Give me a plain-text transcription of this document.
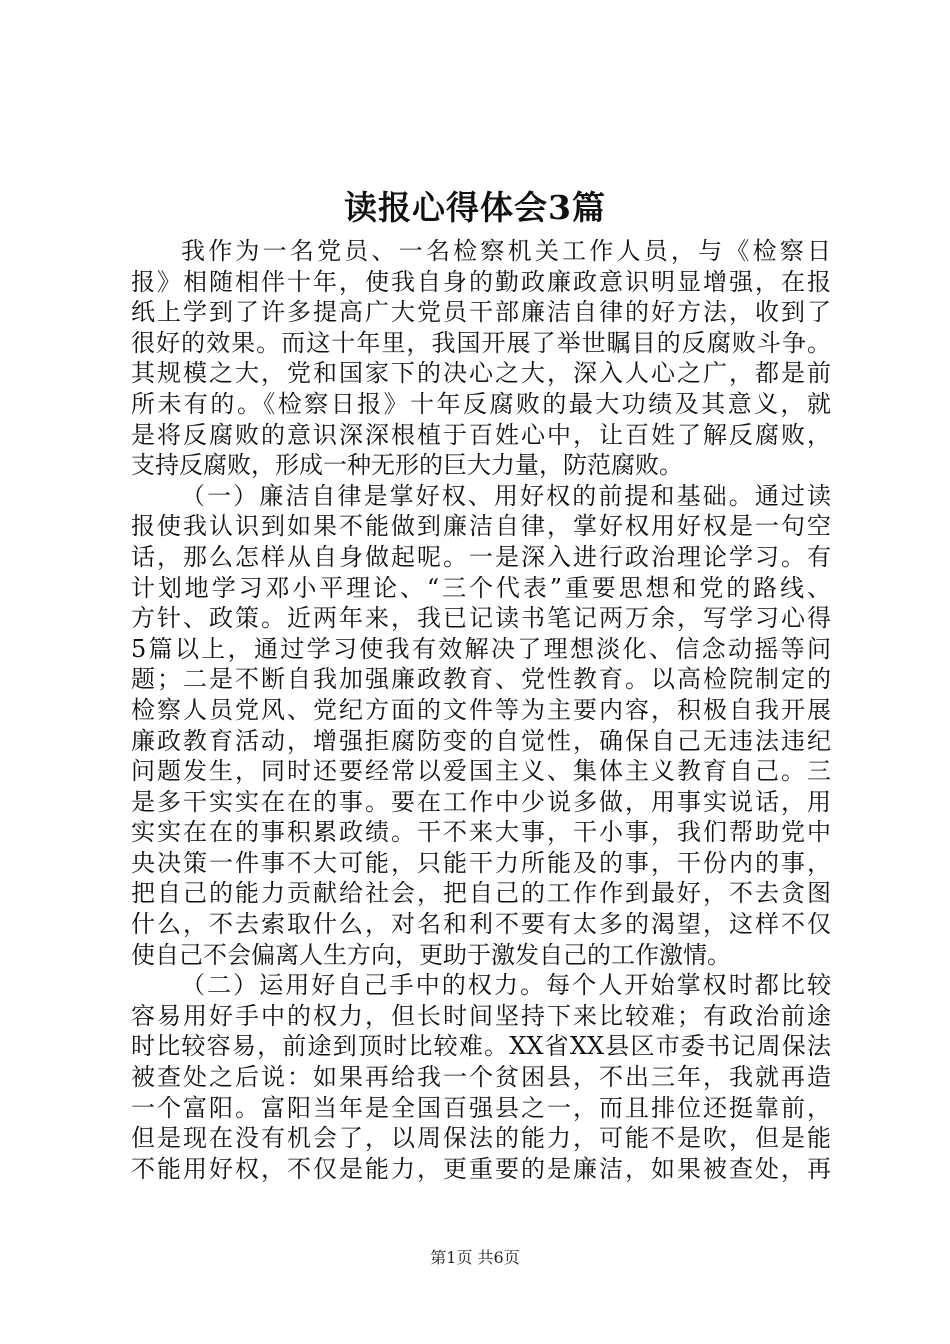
读报心得体会3篇
我作为一名党员、一名检察机关工作人员，与《检察日
报》相随相伴十年，使我自身的勤政廉政意识明显增强，在报
纸上学到了许多提高广大党员干部廉洁自律的好方法，收到了
很好的效果。而这十年里，我国开展了举世瞩目的反腐败斗争。
其规模之大，党和国家下的决心之大，深入人心之广，都是前
所未有的。《检察日报》十年反腐败的最大功绩及其意义，就
是将反腐败的意识深深根植于百姓心中，让百姓了解反腐败，
支持反腐败，形成一种无形的巨大力量，防范腐败。
（一）廉洁自律是掌好权、用好权的前提和基础。通过读
报使我认识到如果不能做到廉洁自律，掌好权用好权是一句空
话，那么怎样从自身做起呢。一是深入进行政治理论学习。有
计划地学习邓小平理论、“三个代表”重要思想和党的路线、
方针、政策。近两年来，我已记读书笔记两万余，写学习心得
5篇以上，通过学习使我有效解决了理想淡化、信念动摇等问
题；二是不断自我加强廉政教育、党性教育。以高检院制定的
检察人员党风、党纪方面的文件等为主要内容，积极自我开展
廉政教育活动，增强拒腐防变的自觉性，确保自己无违法违纪
问题发生，同时还要经常以爱国主义、集体主义教育自己。三
是多干实实在在的事。要在工作中少说多做，用事实说话，用
实实在在的事积累政绩。干不来大事，干小事，我们帮助党中
央决策一件事不大可能，只能干力所能及的事，干份内的事，
把自己的能力贡献给社会，把自己的工作作到最好，不去贪图
什么，不去索取什么，对名和利不要有太多的渴望，这样不仅
使自己不会偏离人生方向，更助于激发自己的工作激情。
（二）运用好自己手中的权力。每个人开始掌权时都比较
容易用好手中的权力，但长时间坚持下来比较难；有政治前途
时比较容易，前途到顶时比较难。XX省XX县区市委书记周保法
被查处之后说：如果再给我一个贫困县，不出三年，我就再造
一个富阳。富阳当年是全国百强县之一，而且排位还挺靠前，
但是现在没有机会了，以周保法的能力，可能不是吹，但是能
不能用好权，不仅是能力，更重要的是廉洁，如果被查处，再
第1页 共6页
